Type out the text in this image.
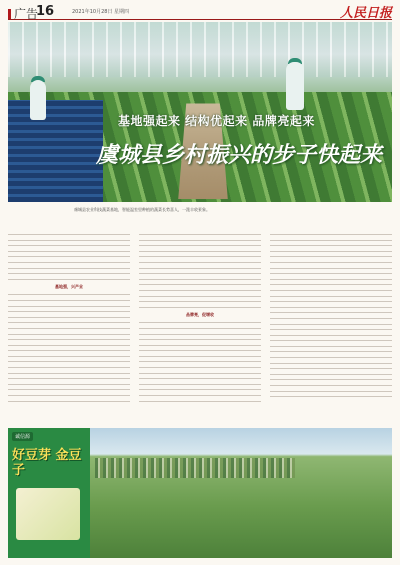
广告
16	2021年10月28日 星期四	人民日报
基地强起来 结构优起来 品牌亮起来
虞城县乡村振兴的步子快起来
虞城县农业科技蔬菜基地，智能温室里种植的蔬菜长势喜人，一派丰收景象。
基地强，兴产业
品牌亮，促增收
诚信源
好豆芽 金豆子
